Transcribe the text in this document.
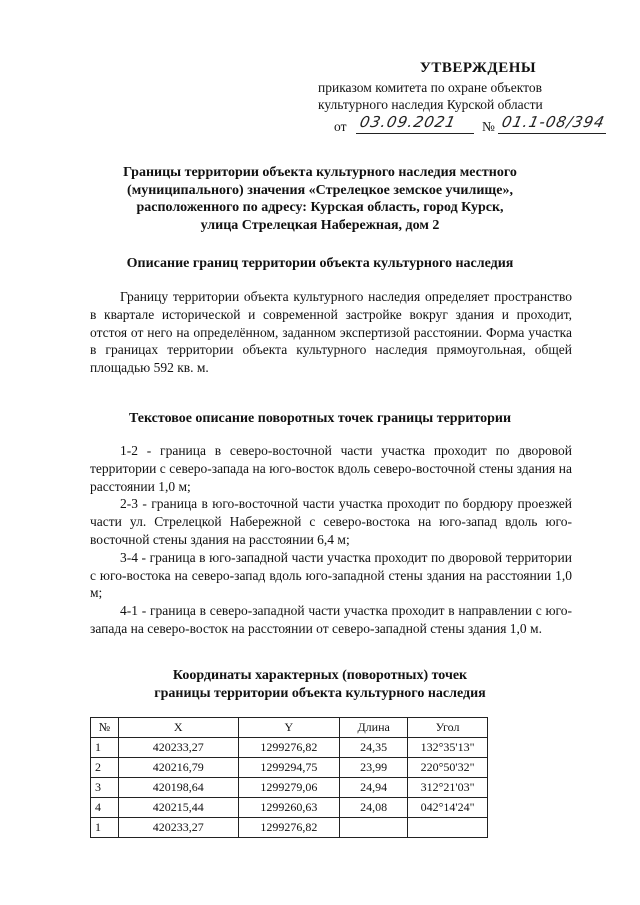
УТВЕРЖДЕНЫ
приказом комитета по охране объектов
культурного наследия Курской области
от 03.09.2021 № 01.1-08/394
Границы территории объекта культурного наследия местного
(муниципального) значения «Стрелецкое земское училище»,
расположенного по адресу: Курская область, город Курск,
улица Стрелецкая Набережная, дом 2
Описание границ территории объекта культурного наследия

Границу территории объекта культурного наследия определяет пространство в квартале исторической и современной застройке вокруг здания и проходит, отстоя от него на определённом, заданном экспертизой расстоянии. Форма участка в границах территории объекта культурного наследия прямоугольная, общей площадью 592 кв. м.

Текстовое описание поворотных точек границы территории

1-2 - граница в северо-восточной части участка проходит по дворовой территории с северо-запада на юго-восток вдоль северо-восточной стены здания на расстоянии 1,0 м;

2-3 - граница в юго-восточной части участка проходит по бордюру проезжей части ул. Стрелецкой Набережной с северо-востока на юго-запад вдоль юго-восточной стены здания на расстоянии 6,4 м;

3-4 - граница в юго-западной части участка проходит по дворовой территории с юго-востока на северо-запад вдоль юго-западной стены здания на расстоянии 1,0 м;

4-1 - граница в северо-западной части участка проходит в направлении с юго-запада на северо-восток на расстоянии от северо-западной стены здания 1,0 м.

Координаты характерных (поворотных) точек
границы территории объекта культурного наследия
№	X	Y	Длина	Угол
1	420233,27	1299276,82	24,35	132°35'13"
2	420216,79	1299294,75	23,99	220°50'32"
3	420198,64	1299279,06	24,94	312°21'03"
4	420215,44	1299260,63	24,08	042°14'24"
1	420233,27	1299276,82		
